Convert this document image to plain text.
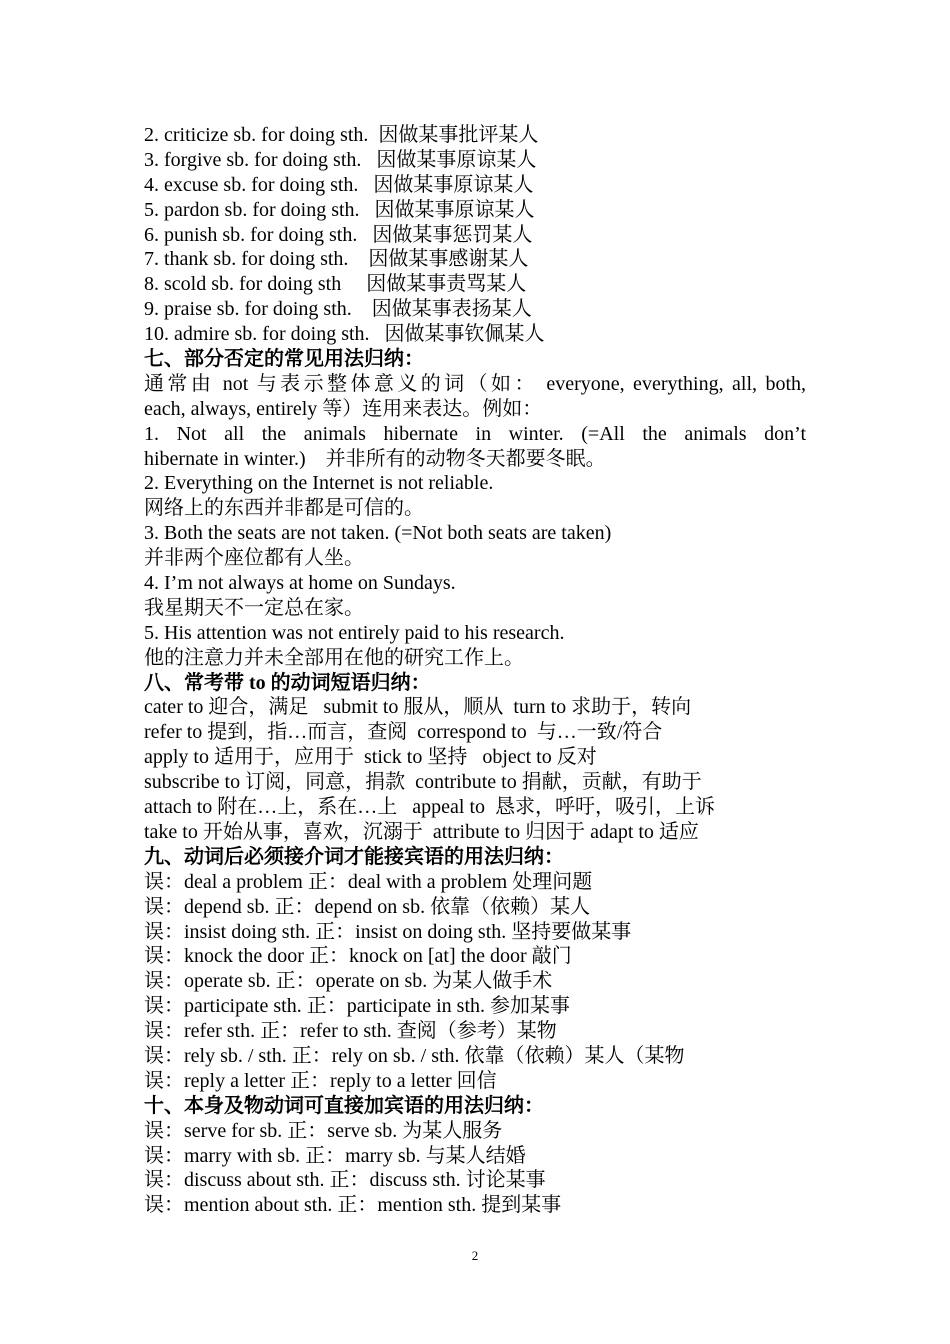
2. criticize sb. for doing sth.  因做某事批评某人
3. forgive sb. for doing sth.   因做某事原谅某人
4. excuse sb. for doing sth.   因做某事原谅某人
5. pardon sb. for doing sth.   因做某事原谅某人
6. punish sb. for doing sth.   因做某事惩罚某人
7. thank sb. for doing sth.    因做某事感谢某人
8. scold sb. for doing sth     因做某事责骂某人
9. praise sb. for doing sth.    因做某事表扬某人
10. admire sb. for doing sth.   因做某事钦佩某人
七、部分否定的常见用法归纳：
通常由 not 与表示整体意义的词（如： everyone, everything, all, both,
each, always, entirely 等）连用来表达。例如：
1. Not all the animals hibernate in winter. (=All the animals don’t
hibernate in winter.)    并非所有的动物冬天都要冬眠。
2. Everything on the Internet is not reliable.
网络上的东西并非都是可信的。
3. Both the seats are not taken. (=Not both seats are taken)
并非两个座位都有人坐。
4. I’m not always at home on Sundays.
我星期天不一定总在家。
5. His attention was not entirely paid to his research.
他的注意力并未全部用在他的研究工作上。
八、常考带 to 的动词短语归纳：
cater to 迎合，满足   submit to 服从，顺从  turn to 求助于，转向
refer to 提到，指…而言，查阅  correspond to  与…一致/符合
apply to 适用于，应用于  stick to 坚持   object to 反对
subscribe to 订阅，同意，捐款  contribute to 捐献，贡献，有助于
attach to 附在…上，系在…上   appeal to  恳求，呼吁，吸引，上诉
take to 开始从事，喜欢，沉溺于  attribute to 归因于 adapt to 适应
九、动词后必须接介词才能接宾语的用法归纳：
误：deal a problem 正：deal with a problem 处理问题
误：depend sb. 正：depend on sb. 依靠（依赖）某人
误：insist doing sth. 正：insist on doing sth. 坚持要做某事
误：knock the door 正：knock on [at] the door 敲门
误：operate sb. 正：operate on sb. 为某人做手术
误：participate sth. 正：participate in sth. 参加某事
误：refer sth. 正：refer to sth. 查阅（参考）某物
误：rely sb. / sth. 正：rely on sb. / sth. 依靠（依赖）某人（某物
误：reply a letter 正：reply to a letter 回信
十、本身及物动词可直接加宾语的用法归纳：
误：serve for sb. 正：serve sb. 为某人服务
误：marry with sb. 正：marry sb. 与某人结婚
误：discuss about sth. 正：discuss sth. 讨论某事
误：mention about sth. 正：mention sth. 提到某事
2
